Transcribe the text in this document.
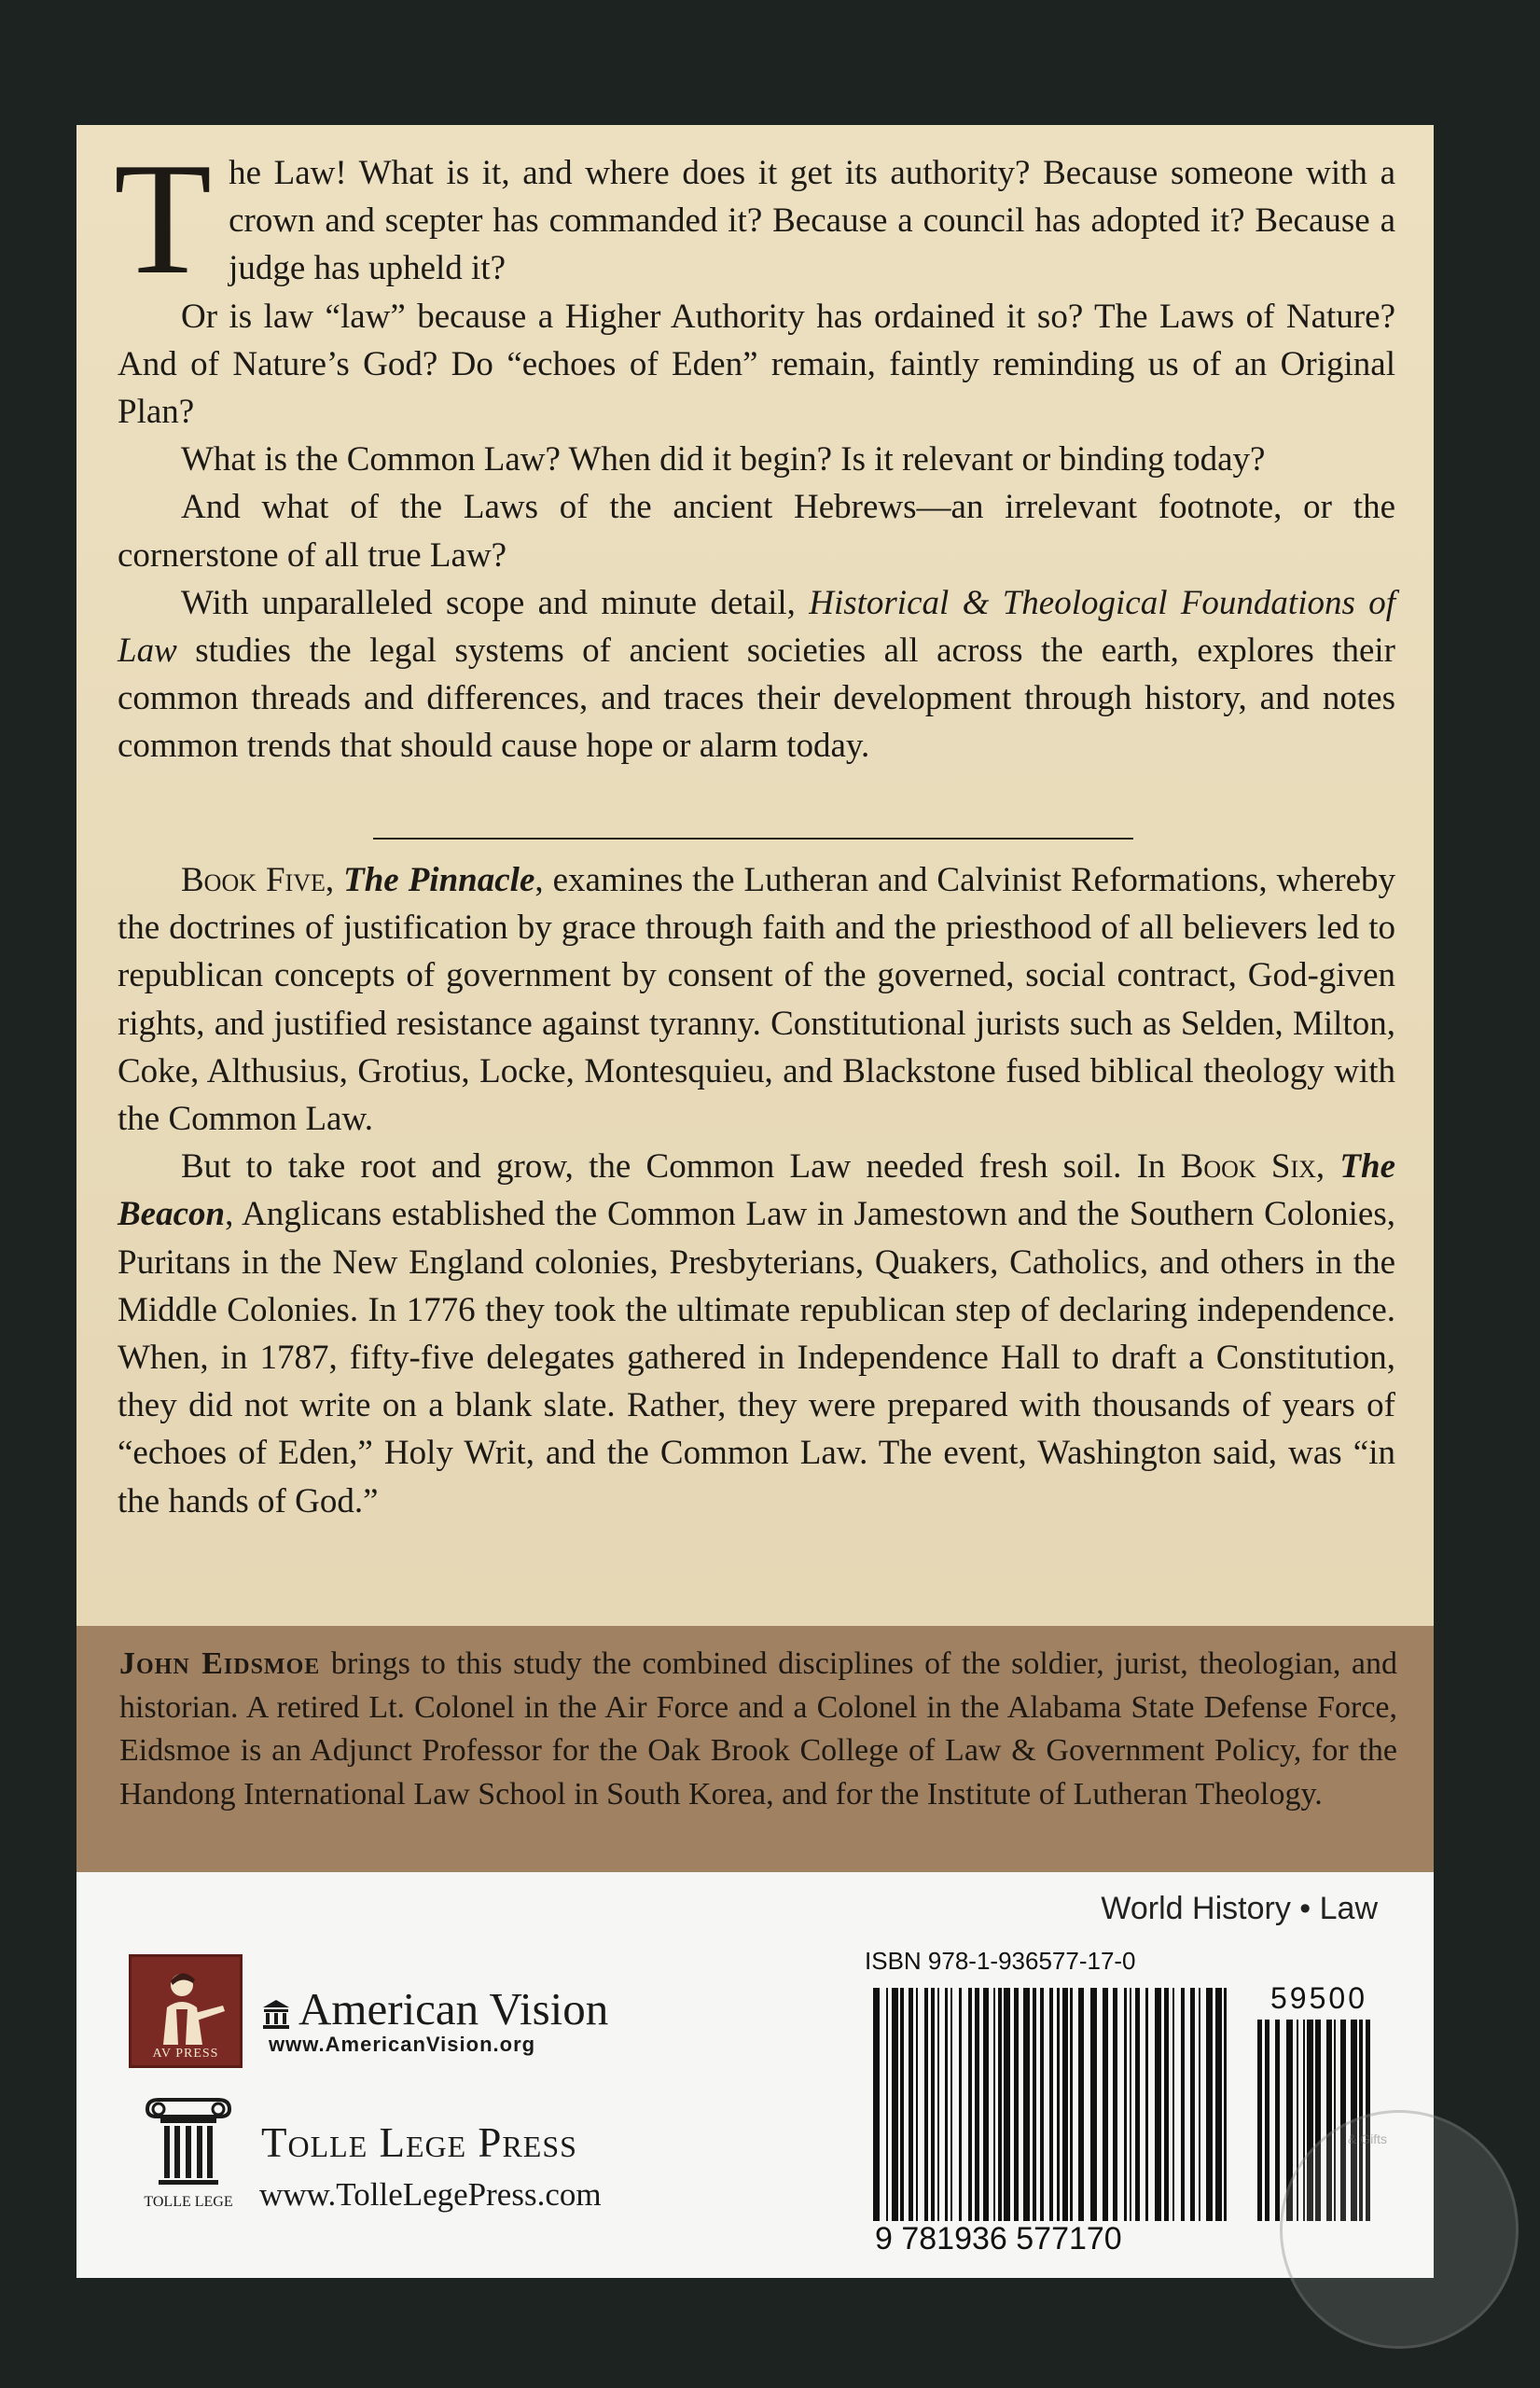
The Law! What is it, and where does it get its authority? Because someone with a crown and scepter has commanded it? Because a council has adopted it? Because a judge has upheld it?

Or is law “law” because a Higher Authority has ordained it so? The Laws of Nature? And of Nature’s God? Do “echoes of Eden” remain, faintly reminding us of an Original Plan?

What is the Common Law? When did it begin? Is it relevant or binding today?

And what of the Laws of the ancient Hebrews—an irrelevant footnote, or the cornerstone of all true Law?

With unparalleled scope and minute detail, Historical & Theological Foundations of Law studies the legal systems of ancient societies all across the earth, explores their common threads and differences, and traces their development through history, and notes common trends that should cause hope or alarm today.

Book Five, The Pinnacle, examines the Lutheran and Calvinist Reformations, whereby the doctrines of justification by grace through faith and the priesthood of all believers led to republican concepts of government by consent of the governed, social contract, God-given rights, and justified resistance against tyranny. Constitutional jurists such as Selden, Milton, Coke, Althusius, Grotius, Locke, Montesquieu, and Blackstone fused biblical theology with the Common Law.

But to take root and grow, the Common Law needed fresh soil. In Book Six, The Beacon, Anglicans established the Common Law in Jamestown and the Southern Colonies, Puritans in the New England colonies, Presbyterians, Quakers, Catholics, and others in the Middle Colonies. In 1776 they took the ultimate republican step of declaring independence. When, in 1787, fifty-five delegates gathered in Independence Hall to draft a Constitution, they did not write on a blank slate. Rather, they were prepared with thousands of years of “echoes of Eden,” Holy Writ, and the Common Law. The event, Washington said, was “in the hands of God.”

John Eidsmoe brings to this study the combined disciplines of the soldier, jurist, theologian, and historian. A retired Lt. Colonel in the Air Force and a Colonel in the Alabama State Defense Force, Eidsmoe is an Adjunct Professor for the Oak Brook College of Law & Government Policy, for the Handong International Law School in South Korea, and for the Institute of Lutheran Theology.
World History • Law
AV PRESS
American Vision
www.AmericanVision.org
TOLLE LEGE
Tolle Lege Press
www.TolleLegePress.com
ISBN 978-1-936577-17-0
9 781936 577170
59500
& Gifts
